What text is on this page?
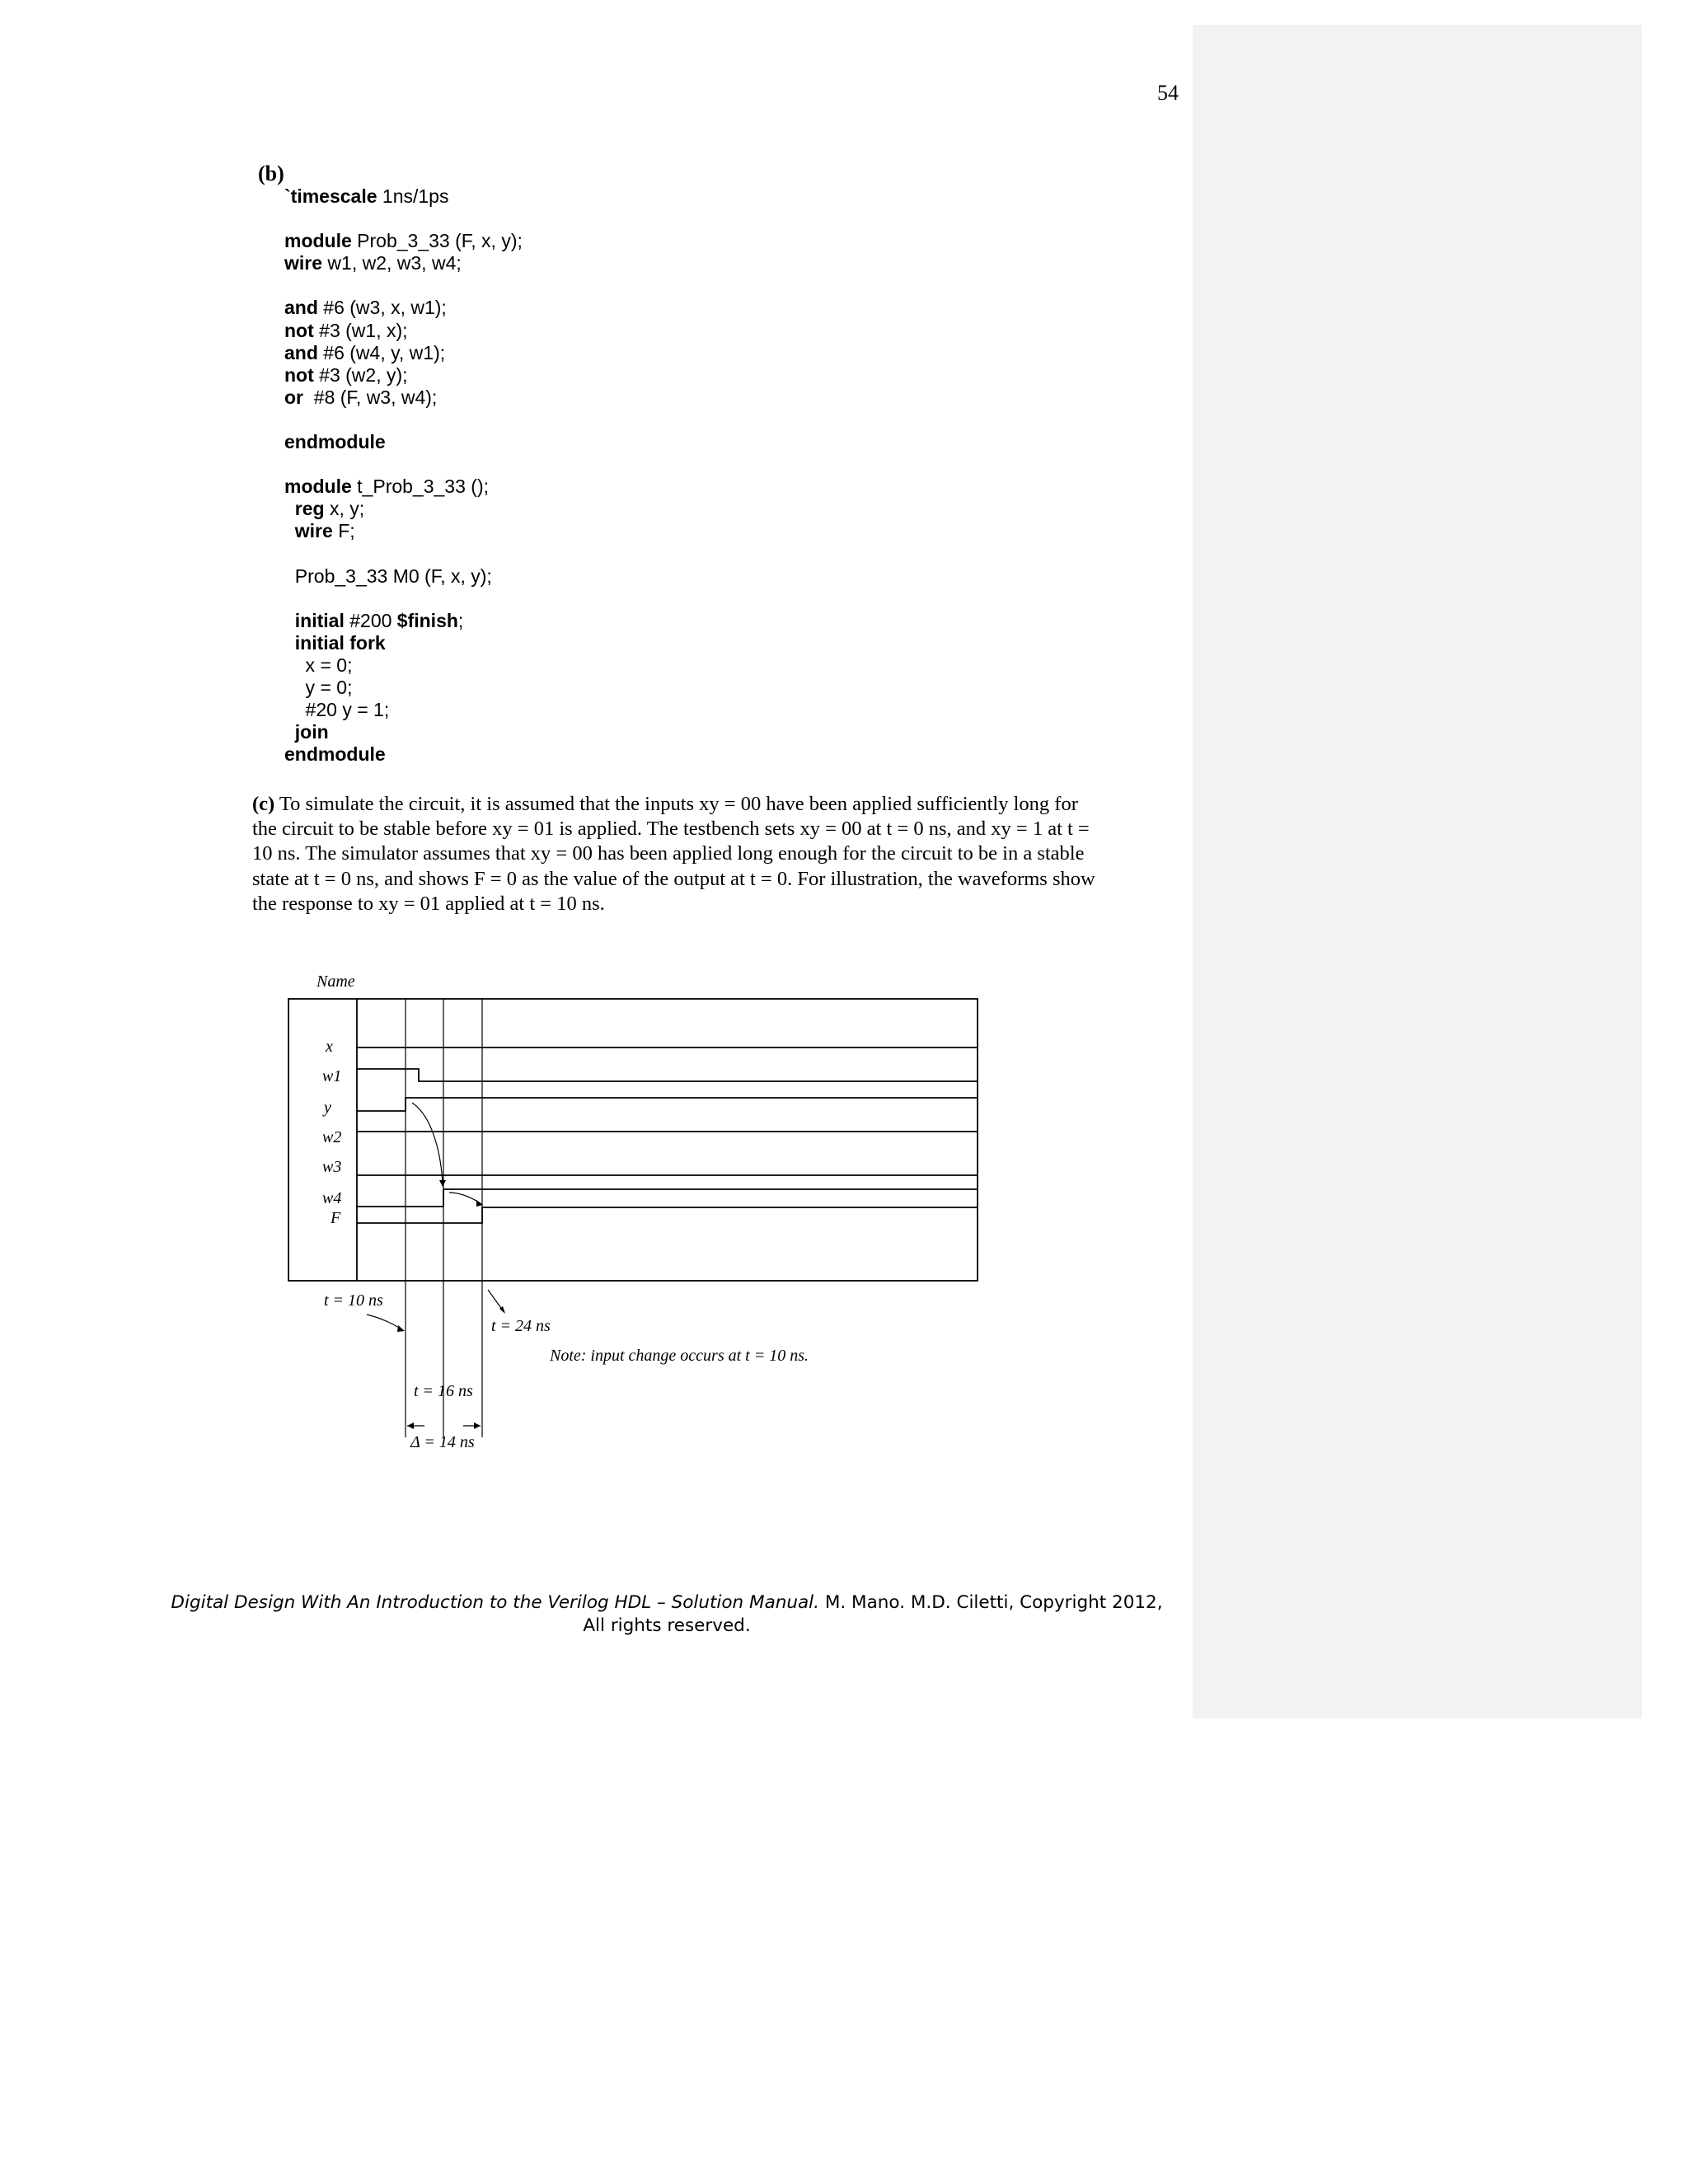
54
(b)
`timescale 1ns/1ps
module Prob_3_33 (F, x, y);
wire w1, w2, w3, w4;
and #6 (w3, x, w1);
not #3 (w1, x);
and #6 (w4, y, w1);
not #3 (w2, y);
or  #8 (F, w3, w4);
endmodule
module t_Prob_3_33 ();
reg x, y;
wire F;
Prob_3_33 M0 (F, x, y);
initial #200 $finish;
initial fork
x = 0;
y = 0;
#20 y = 1;
join
endmodule
(c) To simulate the circuit, it is assumed that the inputs xy = 00 have been applied sufficiently long for
the circuit to be stable before xy = 01 is applied. The testbench sets xy = 00 at t = 0 ns, and xy = 1 at t =
10 ns. The simulator assumes that xy = 00 has been applied long enough for the circuit to be in a stable
state at t = 0 ns, and shows F = 0 as the value of the output at t = 0. For illustration, the waveforms show
the response to xy = 01 applied at t = 10 ns.
Name
x
w1
y
w2
w3
w4
F
t = 10 ns
t = 24 ns
Note: input change occurs at t = 10 ns.
t = 16 ns
Δ = 14 ns
Digital Design With An Introduction to the Verilog HDL – Solution Manual. M. Mano. M.D. Ciletti, Copyright 2012,
All rights reserved.
